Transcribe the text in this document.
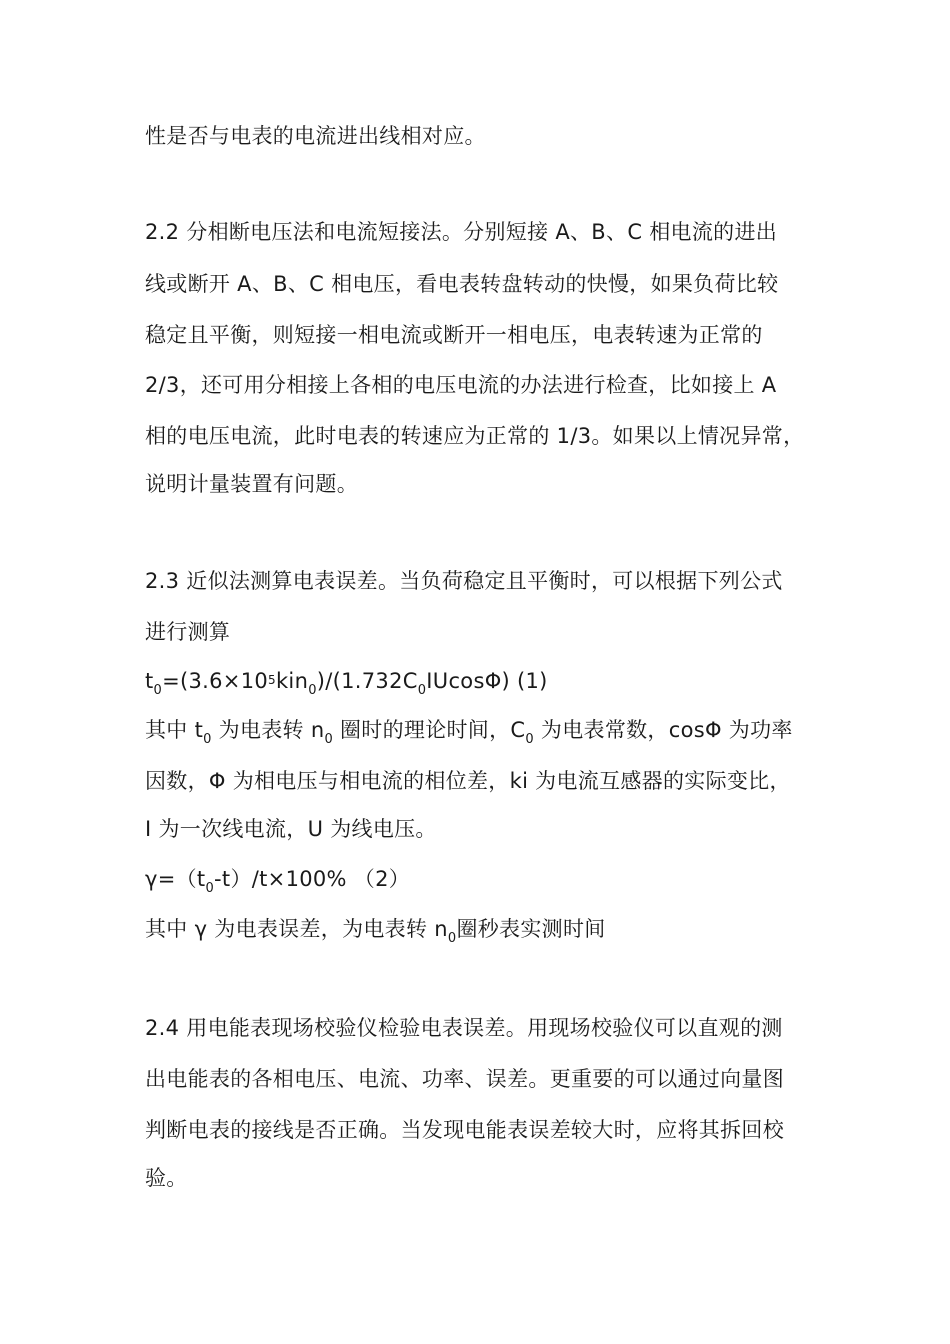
性是否与电表的电流进出线相对应。
2.2 分相断电压法和电流短接法。分别短接 A、B、C 相电流的进出
线或断开 A、B、C 相电压，看电表转盘转动的快慢，如果负荷比较
稳定且平衡，则短接一相电流或断开一相电压，电表转速为正常的
2/3，还可用分相接上各相的电压电流的办法进行检查，比如接上 A
相的电压电流，此时电表的转速应为正常的 1/3。如果以上情况异常，
说明计量装置有问题。
2.3 近似法测算电表误差。当负荷稳定且平衡时，可以根据下列公式
进行测算
$t_0=(3.6\times 10^5kin_0)/(1.732C_0IUcos\Phi)$ (1)
其中 $t_0$ 为电表转 $n_0$ 圈时的理论时间，$C_0$ 为电表常数，cosΦ 为功率
因数，Φ 为相电压与相电流的相位差，ki 为电流互感器的实际变比，
I 为一次线电流，U 为线电压。
$\gamma=(t_0-t)/t\times 100\%$ （2）
其中 γ 为电表误差，为电表转 $n_0$圈秒表实测时间
2.4 用电能表现场校验仪检验电表误差。用现场校验仪可以直观的测
出电能表的各相电压、电流、功率、误差。更重要的可以通过向量图
判断电表的接线是否正确。当发现电能表误差较大时，应将其拆回校
验。
